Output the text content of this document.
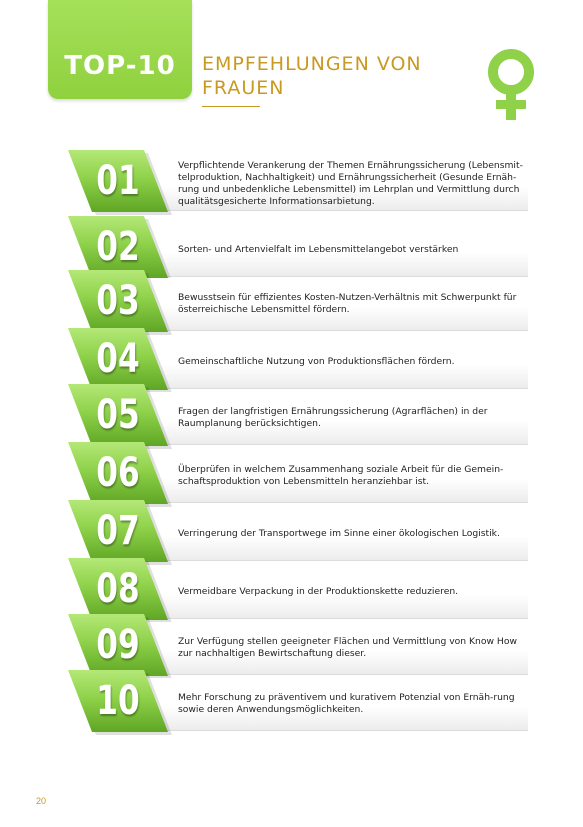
TOP-10	EMPFEHLUNGEN VON FRAUEN
01	Verpflichtende Verankerung der Themen Ernährungssicherung (Lebensmit-telproduktion, Nachhaltigkeit) und Ernährungssicherheit (Gesunde Ernäh-rung und unbedenkliche Lebensmittel) im Lehrplan und Vermittlung durch qualitätsgesicherte Informationsarbietung.
02	Sorten- und Artenvielfalt im Lebensmittelangebot verstärken
03	Bewusstsein für effizientes Kosten-Nutzen-Verhältnis mit Schwerpunkt für österreichische Lebensmittel fördern.
04	Gemeinschaftliche Nutzung von Produktionsflächen fördern.
05	Fragen der langfristigen Ernährungssicherung (Agrarflächen) in der Raumplanung berücksichtigen.
06	Überprüfen in welchem Zusammenhang soziale Arbeit für die Gemein-schaftsproduktion von Lebensmitteln heranziehbar ist.
07	Verringerung der Transportwege im Sinne einer ökologischen Logistik.
08	Vermeidbare Verpackung in der Produktionskette reduzieren.
09	Zur Verfügung stellen geeigneter Flächen und Vermittlung von Know How zur nachhaltigen Bewirtschaftung dieser.
10	Mehr Forschung zu präventivem und kurativem Potenzial von Ernäh-rung sowie deren Anwendungsmöglichkeiten.
20
